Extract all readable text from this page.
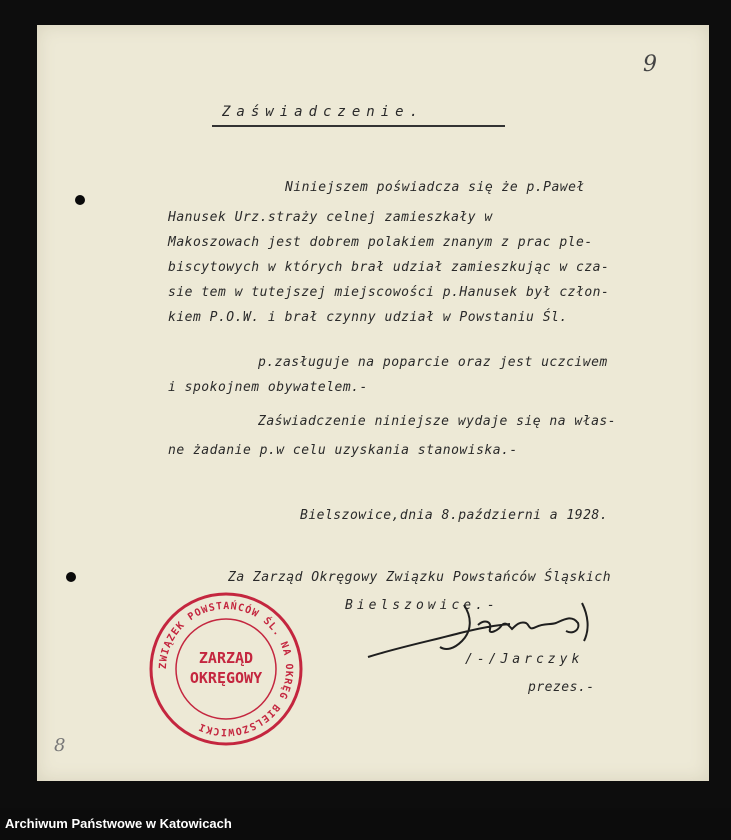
9
Zaświadczenie.
Niniejszem poświadcza się że p.Paweł
Hanusek Urz.straży celnej zamieszkały w
Makoszowach jest dobrem polakiem znanym z prac ple-
biscytowych w których brał udział zamieszkując w cza-
sie tem w tutejszej miejscowości p.Hanusek był człon-
kiem P.O.W. i brał czynny udział w Powstaniu Śl.
p.zasługuje na poparcie oraz jest uczciwem
i spokojnem obywatelem.-
Zaświadczenie niniejsze wydaje się na włas-
ne żadanie p.w celu uzyskania stanowiska.-
Bielszowice,dnia 8.październi a 1928.
Za Zarząd Okręgowy Związku Powstańców Śląskich
Bielszowice.-
/-/Jarczyk
prezes.-
ZWIĄZEK POWSTAŃCÓW ŚL. NA OKRĘG BIELSZOWICKI
ZARZĄD
OKRĘGOWY
8
Archiwum Państwowe w Katowicach
